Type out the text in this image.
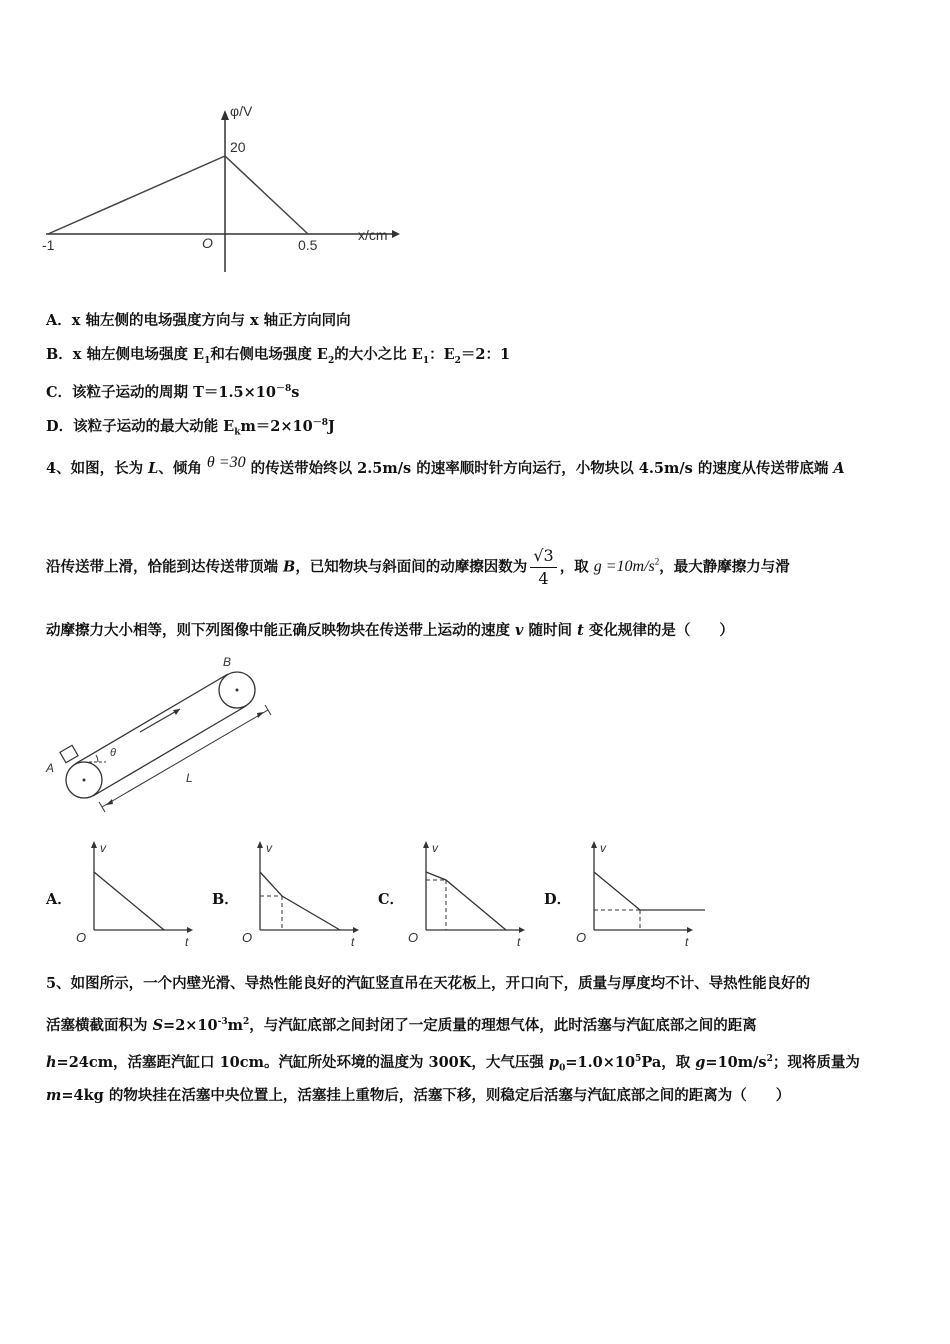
φ/V
x/cm
20
O
-1	0.5
A．x 轴左侧的电场强度方向与 x 轴正方向同向
B．x 轴左侧电场强度 $E_1$和右侧电场强度 $E_2$的大小之比 $E_1$：$E_2=2$：1
C．该粒子运动的周期 $T=1.5\times 10^{-8}s$
D．该粒子运动的最大动能 $E_km=2\times 10^{-8}J$
4、如图，长为 L、倾角 θ =30 的传送带始终以 2.5m/s 的速率顺时针方向运行，小物块以 4.5m/s 的速度从传送带底端 A
沿传送带上滑，恰能到达传送带顶端 B，已知物块与斜面间的动摩擦因数为 $\frac{√3}{4}$ ，取 $g =10m/s^2$，最大静摩擦力与滑
动摩擦力大小相等，则下列图像中能正确反映物块在传送带上运动的速度 v 随时间 t 变化规律的是（　　）
A
B
θ
L
A．
v
t
O
B．
v
t
O
C．
v
t
O
D．
v
t
O
5、如图所示，一个内壁光滑、导热性能良好的汽缸竖直吊在天花板上，开口向下，质量与厚度均不计、导热性能良好的
活塞横截面积为 $S=2\times 10^{-3}m^2$，与汽缸底部之间封闭了一定质量的理想气体，此时活塞与汽缸底部之间的距离
h=24cm，活塞距汽缸口 10cm。汽缸所处环境的温度为 300K，大气压强 $p_0=1.0\times 10^5Pa$，取 $g=10m/s^2$；现将质量为
m=4kg 的物块挂在活塞中央位置上，活塞挂上重物后，活塞下移，则稳定后活塞与汽缸底部之间的距离为（　　）
